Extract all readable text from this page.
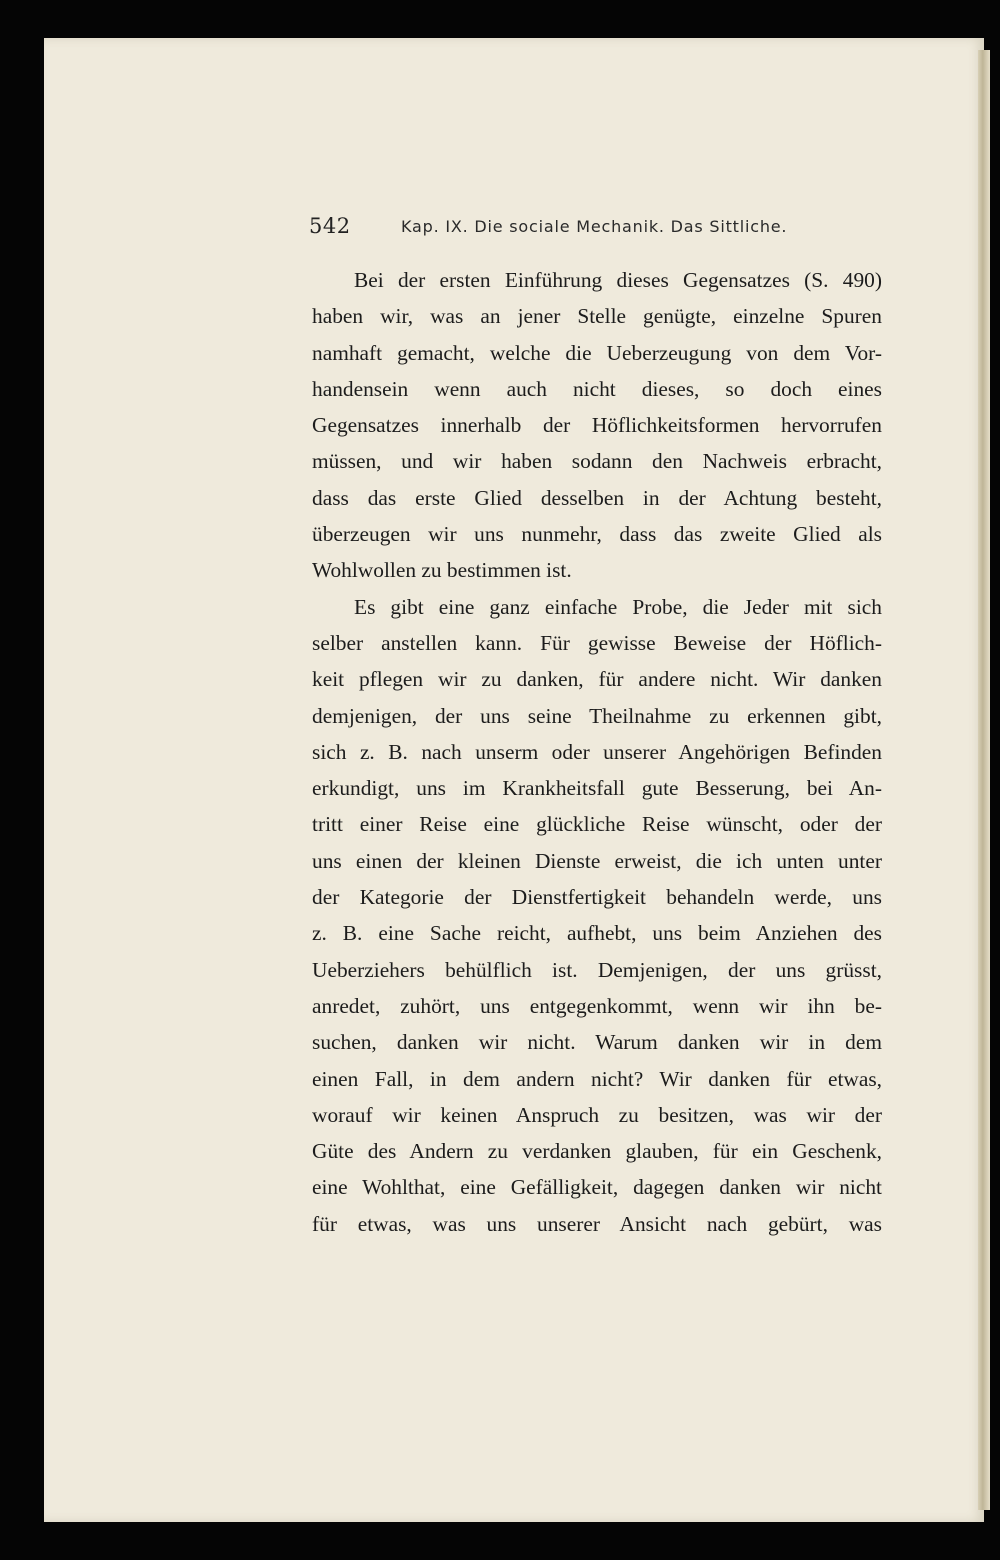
542	Kap. IX. Die sociale Mechanik. Das Sittliche.
Bei der ersten Einführung dieses Gegensatzes (S. 490)
haben wir, was an jener Stelle genügte, einzelne Spuren
namhaft gemacht, welche die Ueberzeugung von dem Vor-
handensein wenn auch nicht dieses, so doch eines
Gegensatzes innerhalb der Höflichkeitsformen hervorrufen
müssen, und wir haben sodann den Nachweis erbracht,
dass das erste Glied desselben in der Achtung besteht,
überzeugen wir uns nunmehr, dass das zweite Glied als
Wohlwollen zu bestimmen ist.
Es gibt eine ganz einfache Probe, die Jeder mit sich
selber anstellen kann. Für gewisse Beweise der Höflich-
keit pflegen wir zu danken, für andere nicht. Wir danken
demjenigen, der uns seine Theilnahme zu erkennen gibt,
sich z. B. nach unserm oder unserer Angehörigen Befinden
erkundigt, uns im Krankheitsfall gute Besserung, bei An-
tritt einer Reise eine glückliche Reise wünscht, oder der
uns einen der kleinen Dienste erweist, die ich unten unter
der Kategorie der Dienstfertigkeit behandeln werde, uns
z. B. eine Sache reicht, aufhebt, uns beim Anziehen des
Ueberziehers behülflich ist. Demjenigen, der uns grüsst,
anredet, zuhört, uns entgegenkommt, wenn wir ihn be-
suchen, danken wir nicht. Warum danken wir in dem
einen Fall, in dem andern nicht? Wir danken für etwas,
worauf wir keinen Anspruch zu besitzen, was wir der
Güte des Andern zu verdanken glauben, für ein Geschenk,
eine Wohlthat, eine Gefälligkeit, dagegen danken wir nicht
für etwas, was uns unserer Ansicht nach gebürt, was
